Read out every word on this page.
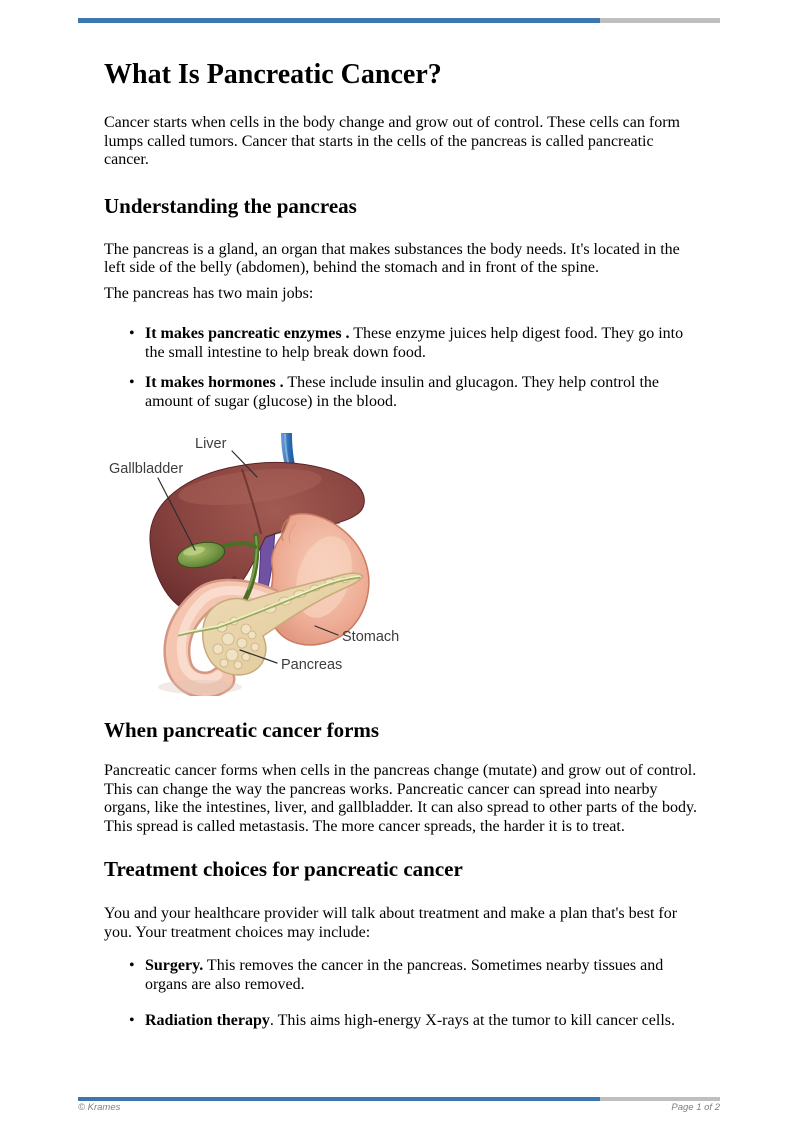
What Is Pancreatic Cancer?

Cancer starts when cells in the body change and grow out of control. These cells can form lumps called tumors. Cancer that starts in the cells of the pancreas is called pancreatic cancer.

Understanding the pancreas

The pancreas is a gland, an organ that makes substances the body needs. It's located in the left side of the belly (abdomen), behind the stomach and in front of the spine.

The pancreas has two main jobs:

• It makes pancreatic enzymes . These enzyme juices help digest food. They go into the small intestine to help break down food.
• It makes hormones . These include insulin and glucagon. They help control the amount of sugar (glucose) in the blood.
Liver
Gallbladder
Stomach
Pancreas
When pancreatic cancer forms

Pancreatic cancer forms when cells in the pancreas change (mutate) and grow out of control. This can change the way the pancreas works. Pancreatic cancer can spread into nearby organs, like the intestines, liver, and gallbladder. It can also spread to other parts of the body. This spread is called metastasis. The more cancer spreads, the harder it is to treat.

Treatment choices for pancreatic cancer

You and your healthcare provider will talk about treatment and make a plan that's best for you. Your treatment choices may include:

• Surgery. This removes the cancer in the pancreas. Sometimes nearby tissues and organs are also removed.
• Radiation therapy. This aims high-energy X-rays at the tumor to kill cancer cells.
© Krames	Page 1 of 2
